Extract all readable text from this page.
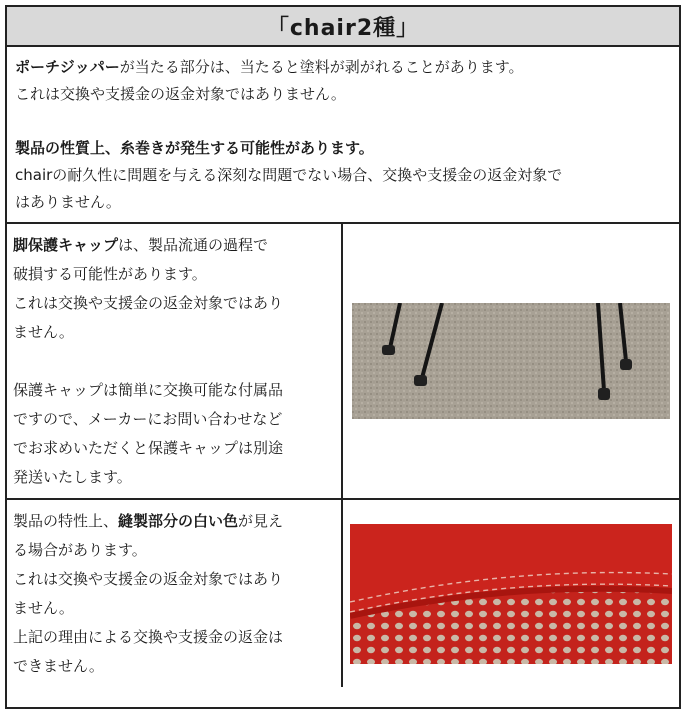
「chair2種」

ポーチジッパーが当たる部分は、当たると塗料が剥がれることがあります。

これは交換や支援金の返金対象ではありません。

製品の性質上、糸巻きが発生する可能性があります。

chairの耐久性に問題を与える深刻な問題でない場合、交換や支援金の返金対象で

はありません。

脚保護キャップは、製品流通の過程で

破損する可能性があります。

これは交換や支援金の返金対象ではあり

ません。

保護キャップは簡単に交換可能な付属品

ですので、メーカーにお問い合わせなど

でお求めいただくと保護キャップは別途

発送いたします。

製品の特性上、縫製部分の白い色が見え

る場合があります。

これは交換や支援金の返金対象ではあり

ません。

上記の理由による交換や支援金の返金は

できません。
